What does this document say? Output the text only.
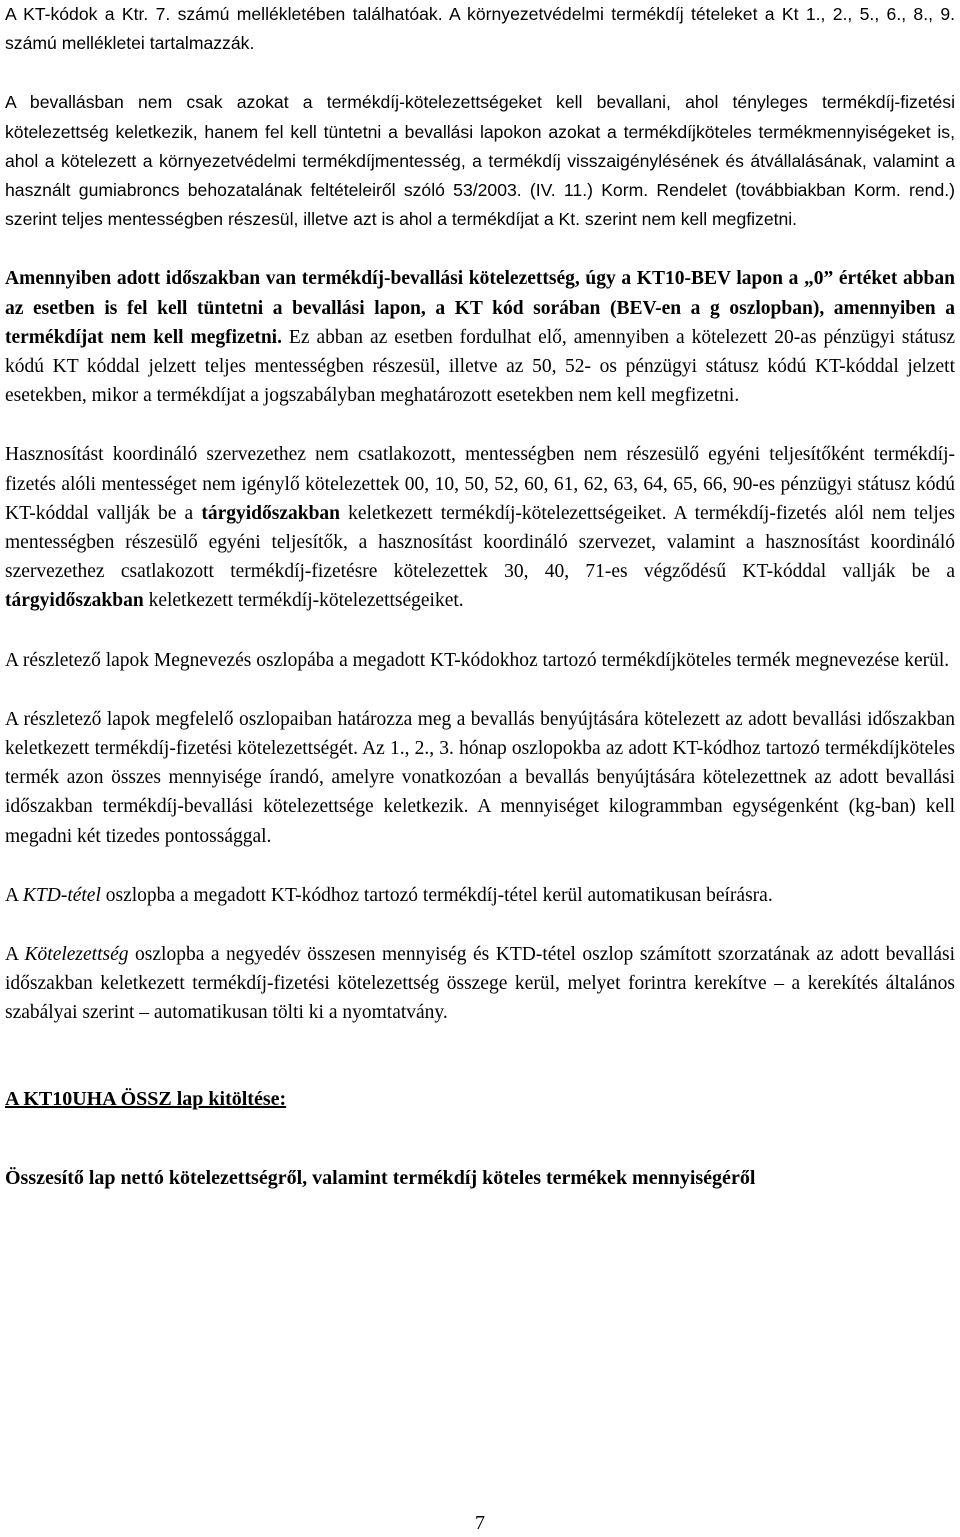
A KT-kódok a Ktr. 7. számú mellékletében találhatóak. A környezetvédelmi termékdíj tételeket a Kt 1., 2., 5., 6., 8., 9. számú mellékletei tartalmazzák.

A bevallásban nem csak azokat a termékdíj-kötelezettségeket kell bevallani, ahol tényleges termékdíj-fizetési kötelezettség keletkezik, hanem fel kell tüntetni a bevallási lapokon azokat a termékdíjköteles termékmennyiségeket is, ahol a kötelezett a környezetvédelmi termékdíjmentesség, a termékdíj visszaigénylésének és átvállalásának, valamint a használt gumiabroncs behozatalának feltételeiről szóló 53/2003. (IV. 11.) Korm. Rendelet (továbbiakban Korm. rend.) szerint teljes mentességben részesül, illetve azt is ahol a termékdíjat a Kt. szerint nem kell megfizetni.

Amennyiben adott időszakban van termékdíj-bevallási kötelezettség, úgy a KT10-BEV lapon a „0” értéket abban az esetben is fel kell tüntetni a bevallási lapon, a KT kód sorában (BEV-en a g oszlopban), amennyiben a termékdíjat nem kell megfizetni. Ez abban az esetben fordulhat elő, amennyiben a kötelezett 20-as pénzügyi státusz kódú KT kóddal jelzett teljes mentességben részesül, illetve az 50, 52- os pénzügyi státusz kódú KT-kóddal jelzett esetekben, mikor a termékdíjat a jogszabályban meghatározott esetekben nem kell megfizetni.

Hasznosítást koordináló szervezethez nem csatlakozott, mentességben nem részesülő egyéni teljesítőként termékdíj-fizetés alóli mentességet nem igénylő kötelezettek 00, 10, 50, 52, 60, 61, 62, 63, 64, 65, 66, 90-es pénzügyi státusz kódú KT-kóddal vallják be a tárgyidőszakban keletkezett termékdíj-kötelezettségeiket. A termékdíj-fizetés alól nem teljes mentességben részesülő egyéni teljesítők, a hasznosítást koordináló szervezet, valamint a hasznosítást koordináló szervezethez csatlakozott termékdíj-fizetésre kötelezettek 30, 40, 71-es végződésű KT-kóddal vallják be a tárgyidőszakban keletkezett termékdíj-kötelezettségeiket.

A részletező lapok Megnevezés oszlopába a megadott KT-kódokhoz tartozó termékdíjköteles termék megnevezése kerül.

A részletező lapok megfelelő oszlopaiban határozza meg a bevallás benyújtására kötelezett az adott bevallási időszakban keletkezett termékdíj-fizetési kötelezettségét. Az 1., 2., 3. hónap oszlopokba az adott KT-kódhoz tartozó termékdíjköteles termék azon összes mennyisége írandó, amelyre vonatkozóan a bevallás benyújtására kötelezettnek az adott bevallási időszakban termékdíj-bevallási kötelezettsége keletkezik. A mennyiséget kilogrammban egységenként (kg-ban) kell megadni két tizedes pontossággal.

A KTD-tétel oszlopba a megadott KT-kódhoz tartozó termékdíj-tétel kerül automatikusan beírásra.

A Kötelezettség oszlopba a negyedév összesen mennyiség és KTD-tétel oszlop számított szorzatának az adott bevallási időszakban keletkezett termékdíj-fizetési kötelezettség összege kerül, melyet forintra kerekítve – a kerekítés általános szabályai szerint – automatikusan tölti ki a nyomtatvány.

A KT10UHA ÖSSZ lap kitöltése:

Összesítő lap nettó kötelezettségről, valamint termékdíj köteles termékek mennyiségéről

7
